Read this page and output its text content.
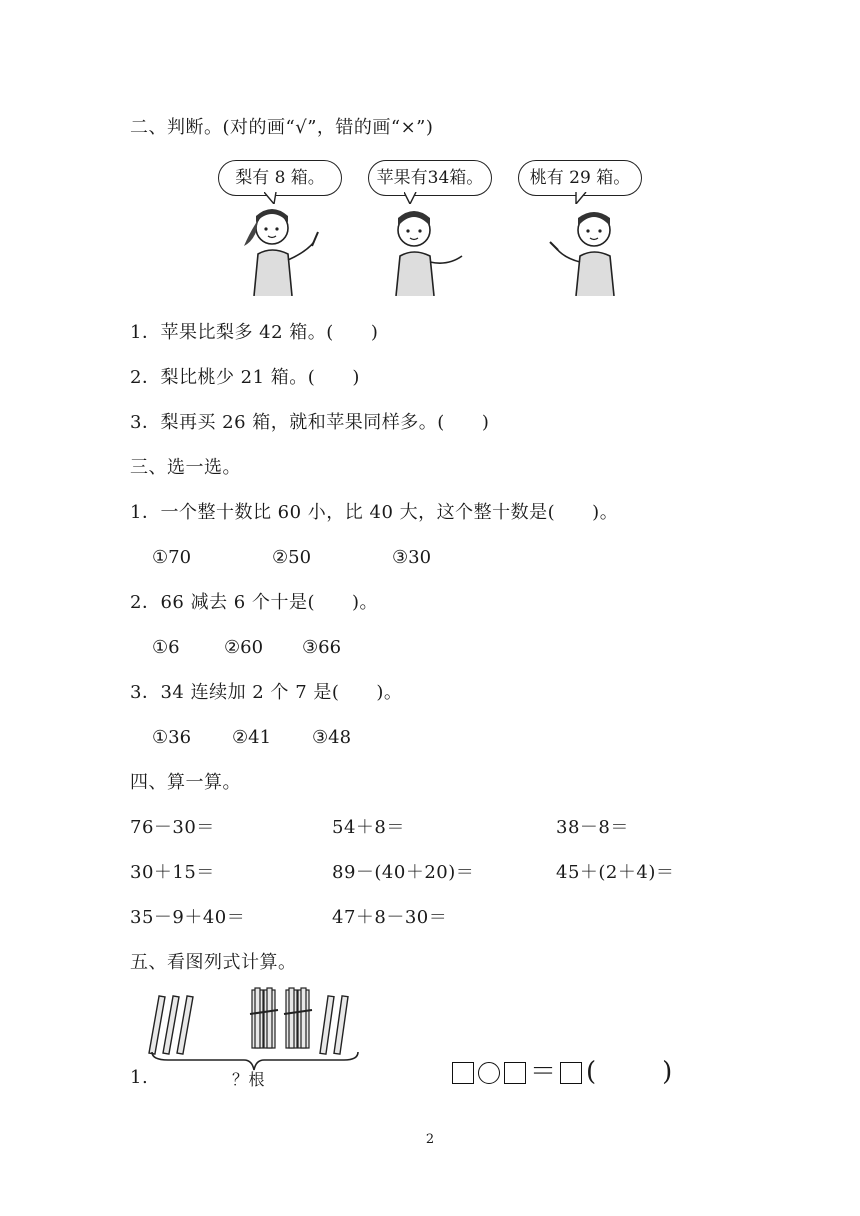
二、判断。(对的画“√”，错的画“×”)
梨有 8 箱。	苹果有34箱。	桃有 29 箱。
1．苹果比梨多 42 箱。(　　)
2．梨比桃少 21 箱。(　　)
3．梨再买 26 箱，就和苹果同样多。(　　)
三、选一选。
1．一个整十数比 60 小，比 40 大，这个整十数是(　　)。
①70	②50	③30
2．66 减去 6 个十是(　　)。
①6 ②60 ③66
3．34 连续加 2 个 7 是(　　)。
①36 ②41 ③48
四、算一算。
76－30＝	54＋8＝	38－8＝
30＋15＝	89－(40＋20)＝	45＋(2＋4)＝
35－9＋40＝	47＋8－30＝
五、看图列式计算。
1.	？根	＝ (	)
2
